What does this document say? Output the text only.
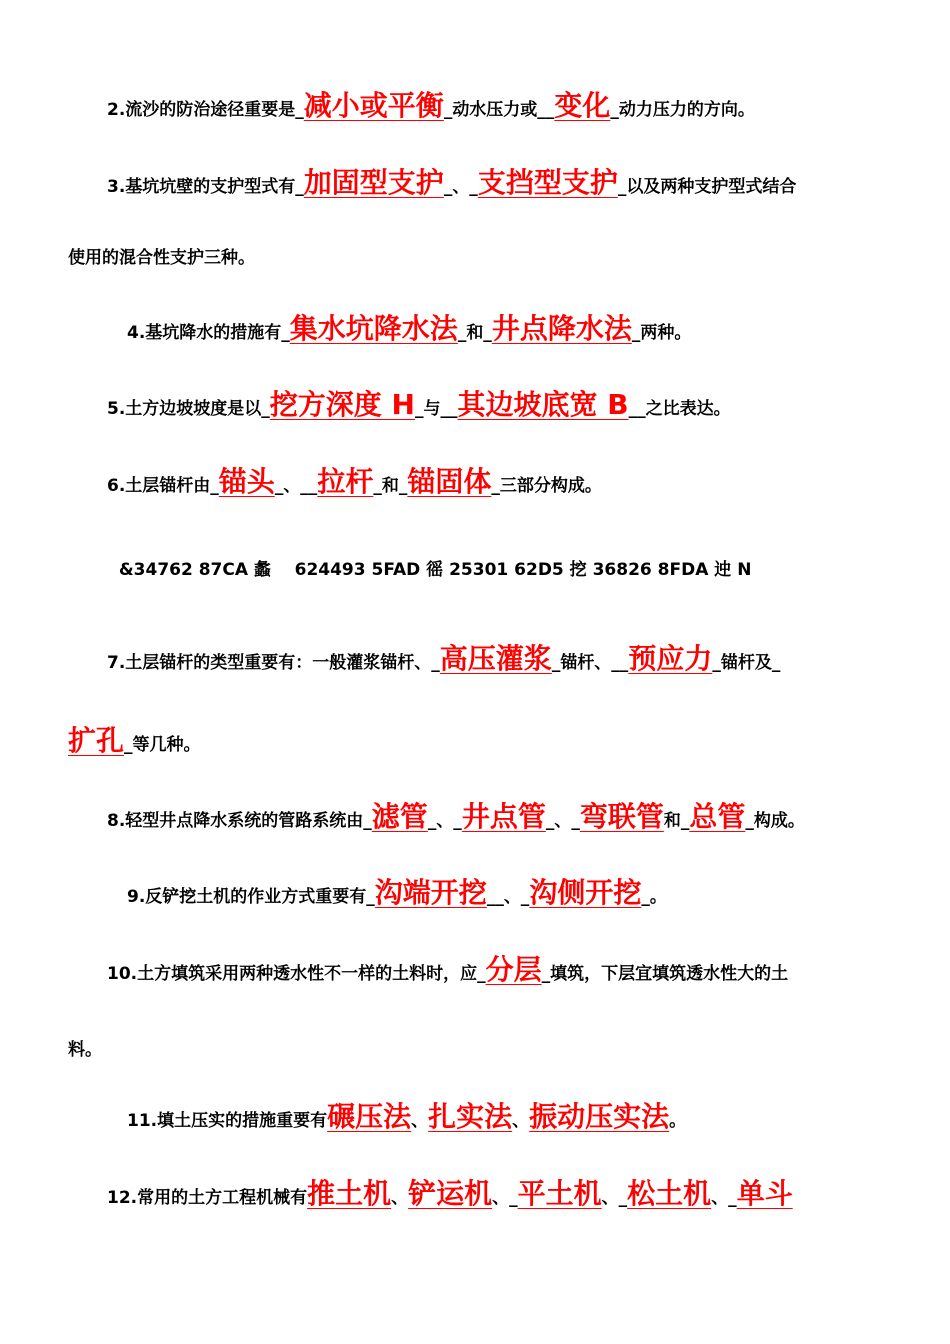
2.流沙的防治途径重要是_减小或平衡_动水压力或__变化_动力压力的方向。
3.基坑坑壁的支护型式有_加固型支护_、_支挡型支护_以及两种支护型式结合
使用的混合性支护三种。
4.基坑降水的措施有_集水坑降水法_和_井点降水法_两种。
5.土方边坡坡度是以_挖方深度 H_与__其边坡底宽 B__之比表达。
6.土层锚杆由_锚头_、__拉杆_和_锚固体_三部分构成。

&34762 87CA 蠡    624493 5FAD 徭 25301 62D5 挖 36826 8FDA 迚 N

7.土层锚杆的类型重要有：一般灌浆锚杆、_高压灌浆_锚杆、__预应力_锚杆及_
扩孔_等几种。
8.轻型井点降水系统的管路系统由_滤管_、_井点管_、_弯联管和_总管_构成。
9.反铲挖土机的作业方式重要有_沟端开挖__、_沟侧开挖_。
10.土方填筑采用两种透水性不一样的土料时，应_分层_填筑，下层宜填筑透水性大的土
料。
11.填土压实的措施重要有碾压法、扎实法、振动压实法。
12.常用的土方工程机械有推土机、铲运机、_平土机、_松土机、_单斗
